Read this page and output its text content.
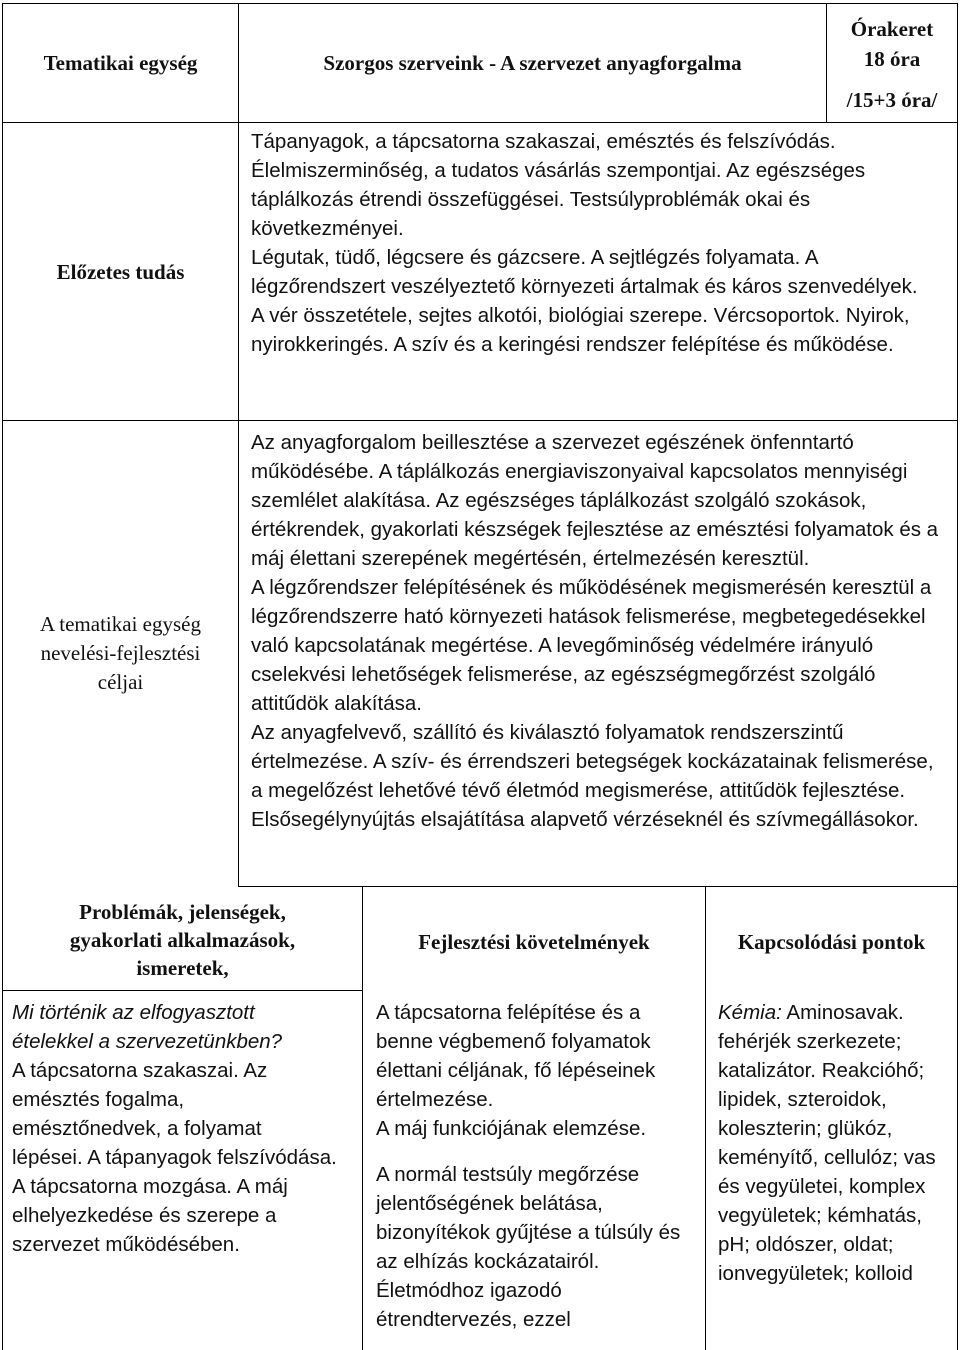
Tematikai egység	Szorgos szerveink - A szervezet anyagforgalma
Órakeret
18 óra
/15+3 óra/
Előzetes tudás

Tápanyagok, a tápcsatorna szakaszai, emésztés és felszívódás. Élelmiszerminőség, a tudatos vásárlás szempontjai. Az egészséges táplálkozás étrendi összefüggései. Testsúlyproblémák okai és következményei.

Légutak, tüdő, légcsere és gázcsere. A sejtlégzés folyamata. A légzőrendszert veszélyeztető környezeti ártalmak és káros szenvedélyek.

A vér összetétele, sejtes alkotói, biológiai szerepe. Vércsoportok. Nyirok, nyirokkeringés. A szív és a keringési rendszer felépítése és működése.

A tematikai egység
nevelési-fejlesztési
céljai

Az anyagforgalom beillesztése a szervezet egészének önfenntartó működésébe. A táplálkozás energiaviszonyaival kapcsolatos mennyiségi szemlélet alakítása. Az egészséges táplálkozást szolgáló szokások, értékrendek, gyakorlati készségek fejlesztése az emésztési folyamatok és a máj élettani szerepének megértésén, értelmezésén keresztül.

A légzőrendszer felépítésének és működésének megismerésén keresztül a légzőrendszerre ható környezeti hatások felismerése, megbetegedésekkel való kapcsolatának megértése. A levegőminőség védelmére irányuló cselekvési lehetőségek felismerése, az egészségmegőrzést szolgáló attitűdök alakítása.

Az anyagfelvevő, szállító és kiválasztó folyamatok rendszerszintű értelmezése. A szív- és érrendszeri betegségek kockázatainak felismerése, a megelőzést lehetővé tévő életmód megismerése, attitűdök fejlesztése. Elsősegélynyújtás elsajátítása alapvető vérzéseknél és szívmegállásokor.

Problémák, jelenségek, gyakorlati alkalmazások, ismeretek,
Fejlesztési követelmények	Kapcsolódási pontok

Mi történik az elfogyasztott ételekkel a szervezetünkben?

A tápcsatorna szakaszai. Az emésztés fogalma, emésztőnedvek, a folyamat lépései. A tápanyagok felszívódása. A tápcsatorna mozgása. A máj elhelyezkedése és szerepe a szervezet működésében.

A tápcsatorna felépítése és a benne végbemenő folyamatok élettani céljának, fő lépéseinek értelmezése.

A máj funkciójának elemzése.

A normál testsúly megőrzése jelentőségének belátása, bizonyítékok gyűjtése a túlsúly és az elhízás kockázatairól.

Életmódhoz igazodó étrendtervezés, ezzel

Kémia: Aminosavak. fehérjék szerkezete; katalizátor. Reakcióhő; lipidek, szteroidok, koleszterin; glükóz, keményítő, cellulóz; vas és vegyületei, komplex vegyületek; kémhatás, pH; oldószer, oldat; ionvegyületek; kolloid
